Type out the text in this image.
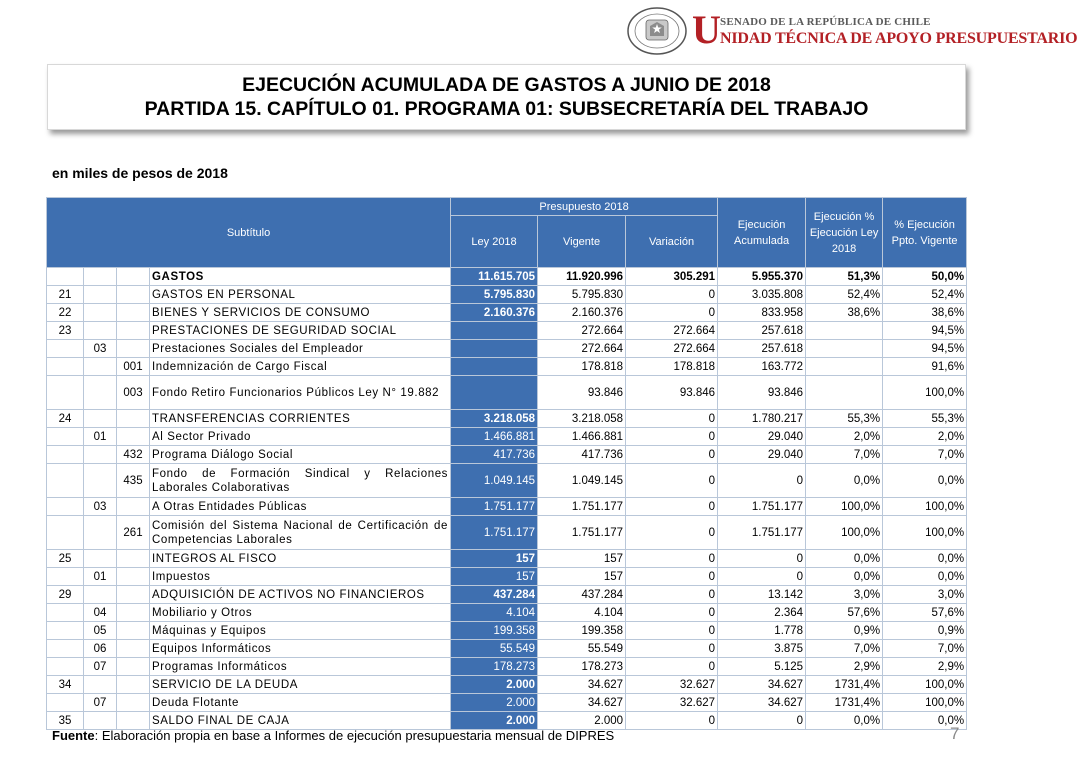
U SENADO DE LA REPÚBLICA DE CHILE
NIDAD TÉCNICA DE APOYO PRESUPUESTARIO
EJECUCIÓN ACUMULADA DE GASTOS A JUNIO DE 2018
PARTIDA 15. CAPÍTULO 01. PROGRAMA 01: SUBSECRETARÍA DEL TRABAJO
en miles de pesos de 2018
Subtítulo				Presupuesto 2018			Ejecución Acumulada	Ejecución % Ejecución Ley 2018	% Ejecución Ppto. Vigente
				Ley 2018	Vigente	Variación			

			GASTOS	11.615.705	11.920.996	305.291	5.955.370	51,3%	50,0%
21			GASTOS EN PERSONAL	5.795.830	5.795.830	0	3.035.808	52,4%	52,4%
22			BIENES Y SERVICIOS DE CONSUMO	2.160.376	2.160.376	0	833.958	38,6%	38,6%
23			PRESTACIONES DE SEGURIDAD SOCIAL		272.664	272.664	257.618		94,5%
	03		Prestaciones Sociales del Empleador		272.664	272.664	257.618		94,5%
		001	Indemnización de Cargo Fiscal		178.818	178.818	163.772		91,6%
		003	Fondo Retiro Funcionarios Públicos Ley N° 19.882		93.846	93.846	93.846		100,0%
24			TRANSFERENCIAS CORRIENTES	3.218.058	3.218.058	0	1.780.217	55,3%	55,3%
	01		Al Sector Privado	1.466.881	1.466.881	0	29.040	2,0%	2,0%
		432	Programa Diálogo Social	417.736	417.736	0	29.040	7,0%	7,0%
		435	Fondo de Formación Sindical y Relaciones Laborales Colaborativas	1.049.145	1.049.145	0	0	0,0%	0,0%
	03		A Otras Entidades Públicas	1.751.177	1.751.177	0	1.751.177	100,0%	100,0%
		261	Comisión del Sistema Nacional de Certificación de Competencias Laborales	1.751.177	1.751.177	0	1.751.177	100,0%	100,0%
25			INTEGROS AL FISCO	157	157	0	0	0,0%	0,0%
	01		Impuestos	157	157	0	0	0,0%	0,0%
29			ADQUISICIÓN DE ACTIVOS NO FINANCIEROS	437.284	437.284	0	13.142	3,0%	3,0%
	04		Mobiliario y Otros	4.104	4.104	0	2.364	57,6%	57,6%
	05		Máquinas y Equipos	199.358	199.358	0	1.778	0,9%	0,9%
	06		Equipos Informáticos	55.549	55.549	0	3.875	7,0%	7,0%
	07		Programas Informáticos	178.273	178.273	0	5.125	2,9%	2,9%
34			SERVICIO DE LA DEUDA	2.000	34.627	32.627	34.627	1731,4%	100,0%
	07		Deuda Flotante	2.000	34.627	32.627	34.627	1731,4%	100,0%
35			SALDO FINAL DE CAJA	2.000	2.000	0	0	0,0%	0,0%
Fuente: Elaboración propia en base a Informes de ejecución presupuestaria mensual de DIPRES	7
